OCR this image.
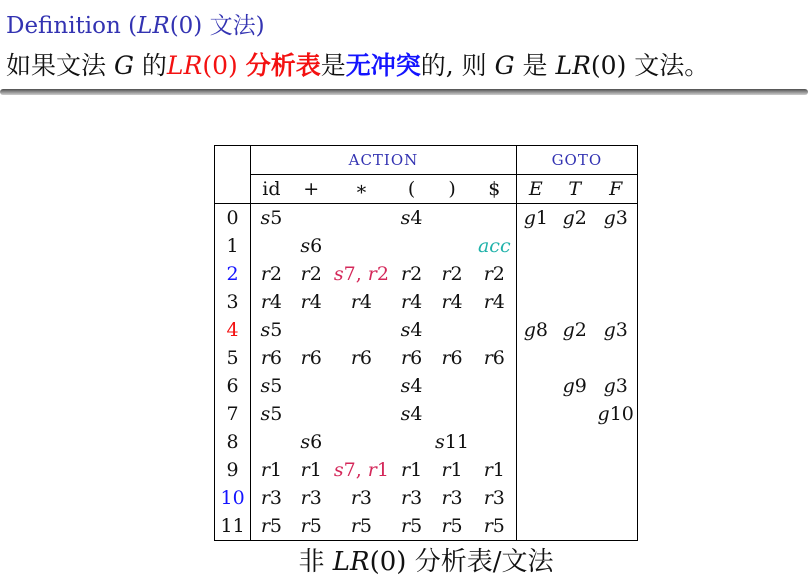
Definition (LR(0) 文法)
如果文法 G 的LR(0) 分析表是无冲突的, 则 G 是 LR(0) 文法。
	ACTION						GOTO		
	id	+	∗	(	)	$	E	T	F
0	s5			s4			g1	g2	g3
1		s6				acc			
2	r2	r2	s7, r2	r2	r2	r2			
3	r4	r4	r4	r4	r4	r4			
4	s5			s4			g8	g2	g3
5	r6	r6	r6	r6	r6	r6			
6	s5			s4				g9	g3
7	s5			s4					g10
8		s6			s11				
9	r1	r1	s7, r1	r1	r1	r1			
10	r3	r3	r3	r3	r3	r3			
11	r5	r5	r5	r5	r5	r5			
非 LR(0) 分析表/文法
